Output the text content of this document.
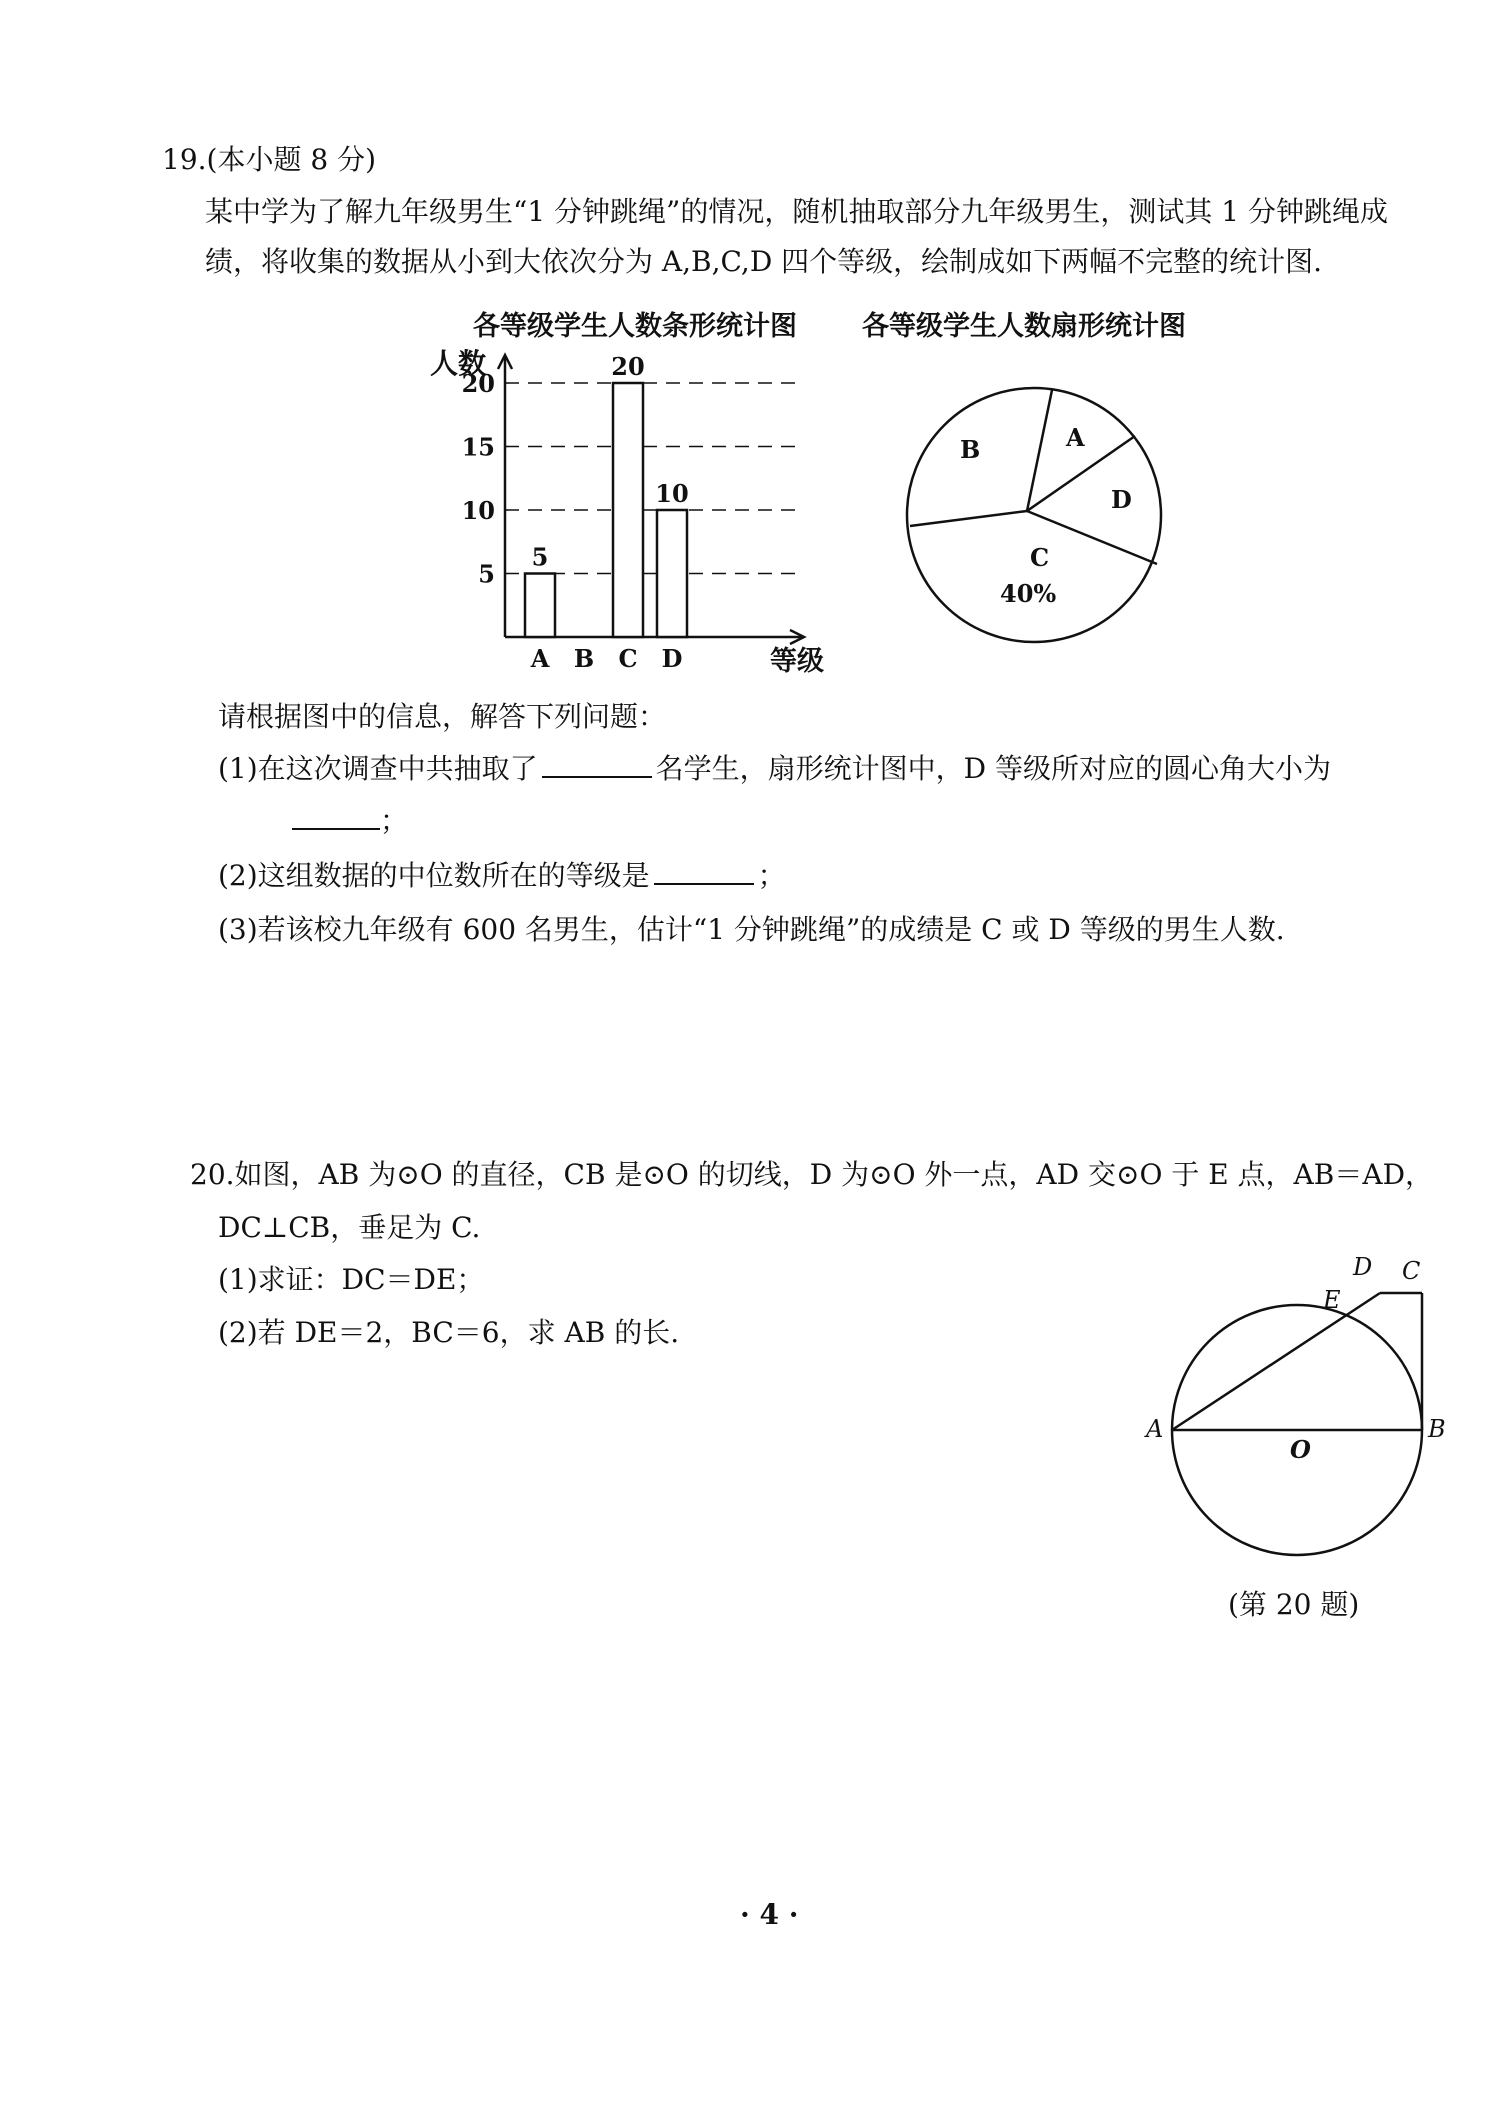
19.(本小题 8 分)
某中学为了解九年级男生“1 分钟跳绳”的情况，随机抽取部分九年级男生，测试其 1 分钟跳绳成
绩，将收集的数据从小到大依次分为 A,B,C,D 四个等级，绘制成如下两幅不完整的统计图.
各等级学生人数条形统计图 各等级学生人数扇形统计图
人数
等级
5
10
15
20
A B C D
5
20
10
A
B
D
C
40%
请根据图中的信息，解答下列问题：
(1)在这次调查中共抽取了	名学生，扇形统计图中，D 等级所对应的圆心角大小为
；
(2)这组数据的中位数所在的等级是	；
(3)若该校九年级有 600 名男生，估计“1 分钟跳绳”的成绩是 C 或 D 等级的男生人数.
20.如图，AB 为⊙O 的直径，CB 是⊙O 的切线，D 为⊙O 外一点，AD 交⊙O 于 E 点，AB＝AD，
DC⊥CB，垂足为 C.
(1)求证：DC＝DE；
(2)若 DE＝2，BC＝6，求 AB 的长.
A	B
C
D
E
O
(第 20 题)
· 4 ·
